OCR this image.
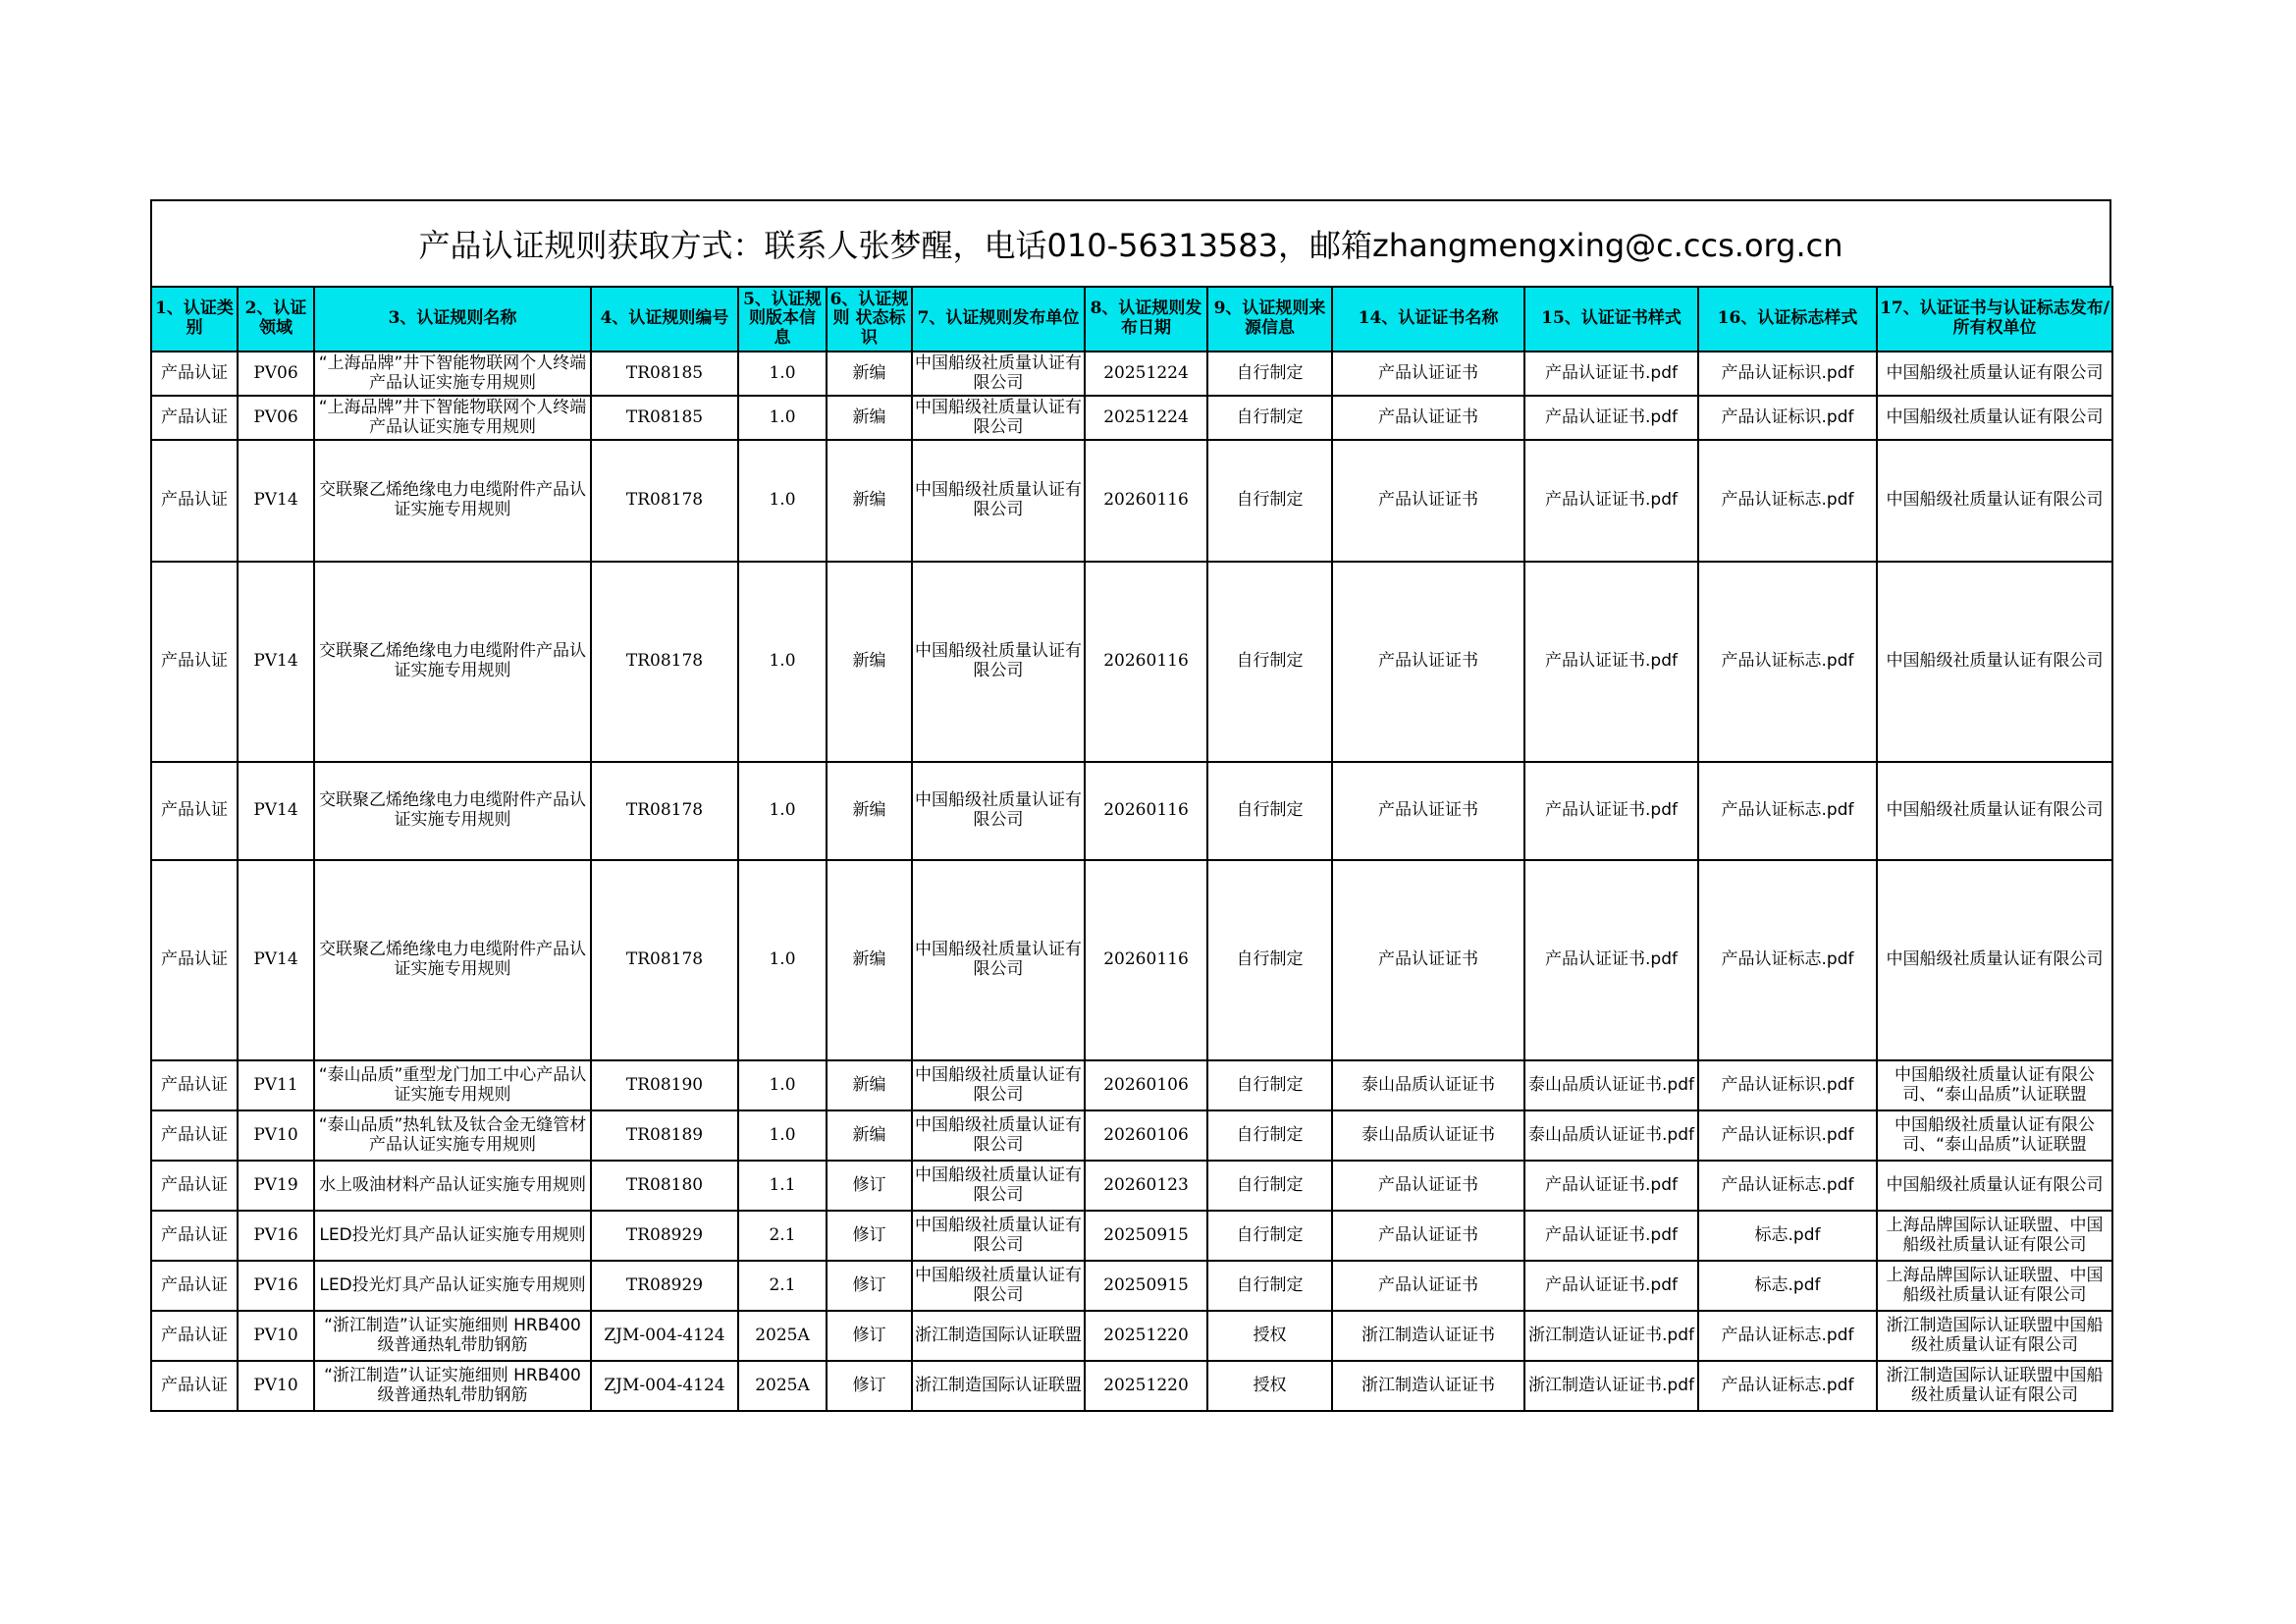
产品认证规则获取方式：联系人张梦醒，电话010-56313583，邮箱zhangmengxing@c.ccs.org.cn
1、认证类别	2、认证领域	3、认证规则名称	4、认证规则编号	5、认证规则版本信息	6、认证规则 状态标识	7、认证规则发布单位	8、认证规则发布日期	9、认证规则来源信息	14、认证证书名称	15、认证证书样式	16、认证标志样式	17、认证证书与认证标志发布/所有权单位
产品认证	PV06	“上海品牌”井下智能物联网个人终端产品认证实施专用规则	TR08185	1.0	新编	中国船级社质量认证有限公司	20251224	自行制定	产品认证证书	产品认证证书.pdf	产品认证标识.pdf	中国船级社质量认证有限公司
产品认证	PV06	“上海品牌”井下智能物联网个人终端产品认证实施专用规则	TR08185	1.0	新编	中国船级社质量认证有限公司	20251224	自行制定	产品认证证书	产品认证证书.pdf	产品认证标识.pdf	中国船级社质量认证有限公司
产品认证	PV14	交联聚乙烯绝缘电力电缆附件产品认证实施专用规则	TR08178	1.0	新编	中国船级社质量认证有限公司	20260116	自行制定	产品认证证书	产品认证证书.pdf	产品认证标志.pdf	中国船级社质量认证有限公司
产品认证	PV14	交联聚乙烯绝缘电力电缆附件产品认证实施专用规则	TR08178	1.0	新编	中国船级社质量认证有限公司	20260116	自行制定	产品认证证书	产品认证证书.pdf	产品认证标志.pdf	中国船级社质量认证有限公司
产品认证	PV14	交联聚乙烯绝缘电力电缆附件产品认证实施专用规则	TR08178	1.0	新编	中国船级社质量认证有限公司	20260116	自行制定	产品认证证书	产品认证证书.pdf	产品认证标志.pdf	中国船级社质量认证有限公司
产品认证	PV14	交联聚乙烯绝缘电力电缆附件产品认证实施专用规则	TR08178	1.0	新编	中国船级社质量认证有限公司	20260116	自行制定	产品认证证书	产品认证证书.pdf	产品认证标志.pdf	中国船级社质量认证有限公司
产品认证	PV11	“泰山品质”重型龙门加工中心产品认证实施专用规则	TR08190	1.0	新编	中国船级社质量认证有限公司	20260106	自行制定	泰山品质认证证书	泰山品质认证证书.pdf	产品认证标识.pdf	中国船级社质量认证有限公司、“泰山品质”认证联盟
产品认证	PV10	“泰山品质”热轧钛及钛合金无缝管材产品认证实施专用规则	TR08189	1.0	新编	中国船级社质量认证有限公司	20260106	自行制定	泰山品质认证证书	泰山品质认证证书.pdf	产品认证标识.pdf	中国船级社质量认证有限公司、“泰山品质”认证联盟
产品认证	PV19	水上吸油材料产品认证实施专用规则	TR08180	1.1	修订	中国船级社质量认证有限公司	20260123	自行制定	产品认证证书	产品认证证书.pdf	产品认证标志.pdf	中国船级社质量认证有限公司
产品认证	PV16	LED投光灯具产品认证实施专用规则	TR08929	2.1	修订	中国船级社质量认证有限公司	20250915	自行制定	产品认证证书	产品认证证书.pdf	标志.pdf	上海品牌国际认证联盟、中国船级社质量认证有限公司
产品认证	PV16	LED投光灯具产品认证实施专用规则	TR08929	2.1	修订	中国船级社质量认证有限公司	20250915	自行制定	产品认证证书	产品认证证书.pdf	标志.pdf	上海品牌国际认证联盟、中国船级社质量认证有限公司
产品认证	PV10	“浙江制造”认证实施细则 HRB400级普通热轧带肋钢筋	ZJM-004-4124	2025A	修订	浙江制造国际认证联盟	20251220	授权	浙江制造认证证书	浙江制造认证证书.pdf	产品认证标志.pdf	浙江制造国际认证联盟中国船级社质量认证有限公司
产品认证	PV10	“浙江制造”认证实施细则 HRB400级普通热轧带肋钢筋	ZJM-004-4124	2025A	修订	浙江制造国际认证联盟	20251220	授权	浙江制造认证证书	浙江制造认证证书.pdf	产品认证标志.pdf	浙江制造国际认证联盟中国船级社质量认证有限公司
